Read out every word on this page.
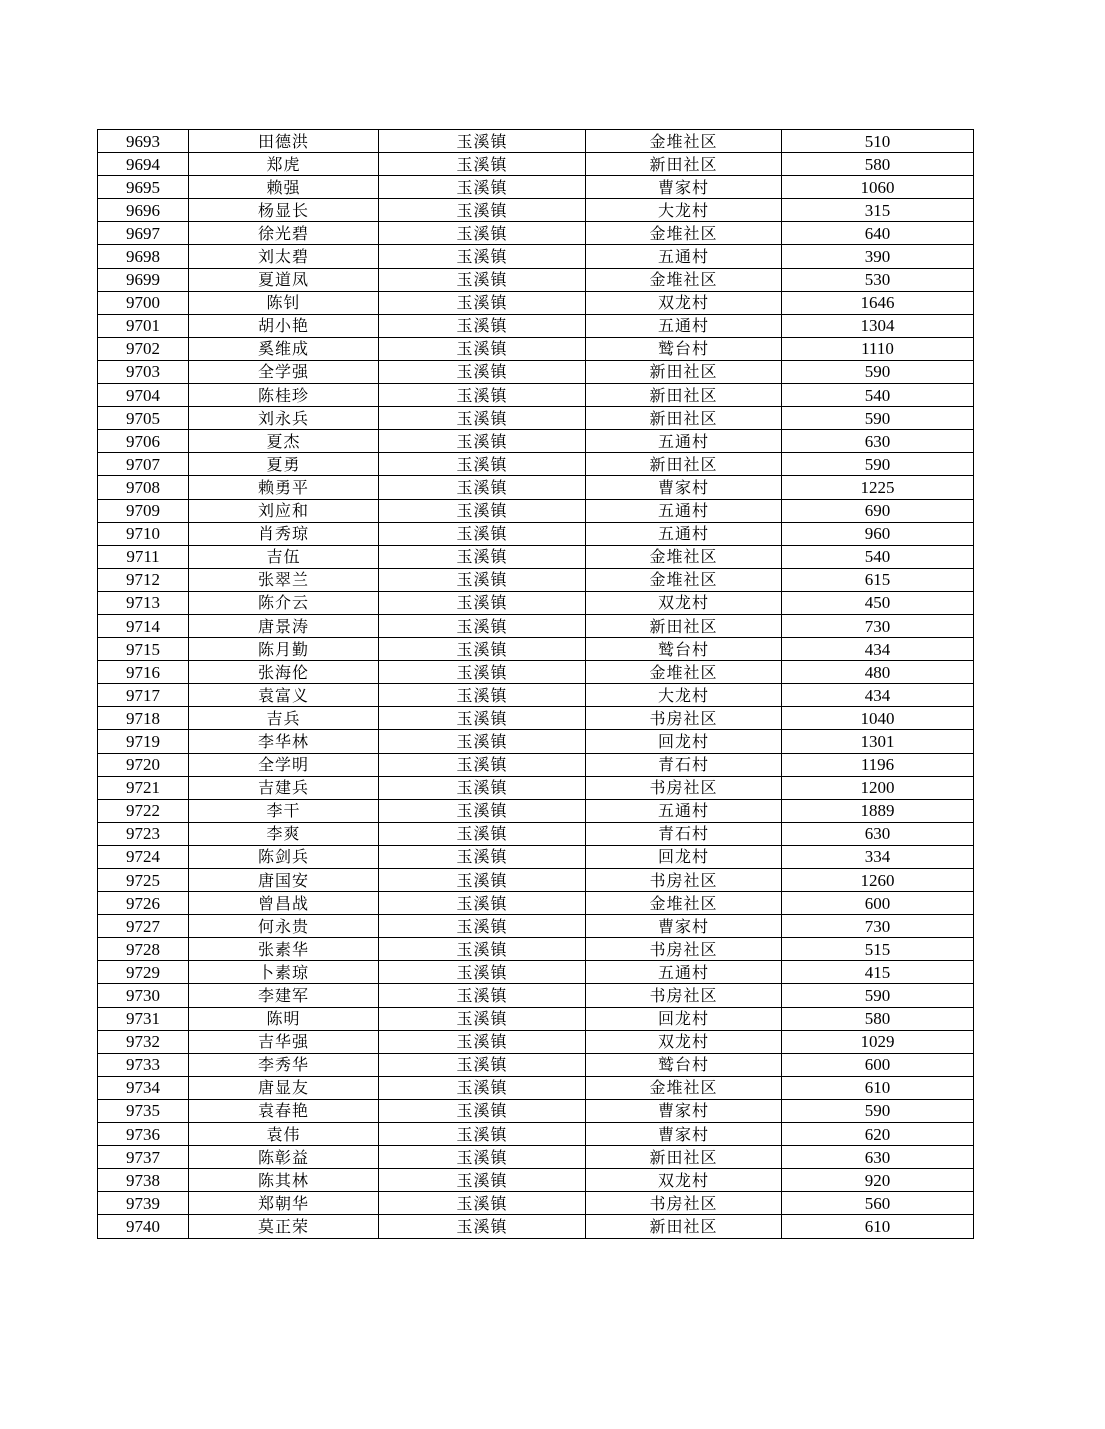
9693	田德洪	玉溪镇	金堆社区	510
9694	郑虎	玉溪镇	新田社区	580
9695	赖强	玉溪镇	曹家村	1060
9696	杨显长	玉溪镇	大龙村	315
9697	徐光碧	玉溪镇	金堆社区	640
9698	刘太碧	玉溪镇	五通村	390
9699	夏道凤	玉溪镇	金堆社区	530
9700	陈钊	玉溪镇	双龙村	1646
9701	胡小艳	玉溪镇	五通村	1304
9702	奚维成	玉溪镇	鹫台村	1110
9703	全学强	玉溪镇	新田社区	590
9704	陈桂珍	玉溪镇	新田社区	540
9705	刘永兵	玉溪镇	新田社区	590
9706	夏杰	玉溪镇	五通村	630
9707	夏勇	玉溪镇	新田社区	590
9708	赖勇平	玉溪镇	曹家村	1225
9709	刘应和	玉溪镇	五通村	690
9710	肖秀琼	玉溪镇	五通村	960
9711	吉伍	玉溪镇	金堆社区	540
9712	张翠兰	玉溪镇	金堆社区	615
9713	陈介云	玉溪镇	双龙村	450
9714	唐景涛	玉溪镇	新田社区	730
9715	陈月勤	玉溪镇	鹫台村	434
9716	张海伦	玉溪镇	金堆社区	480
9717	袁富义	玉溪镇	大龙村	434
9718	吉兵	玉溪镇	书房社区	1040
9719	李华林	玉溪镇	回龙村	1301
9720	全学明	玉溪镇	青石村	1196
9721	吉建兵	玉溪镇	书房社区	1200
9722	李干	玉溪镇	五通村	1889
9723	李爽	玉溪镇	青石村	630
9724	陈剑兵	玉溪镇	回龙村	334
9725	唐国安	玉溪镇	书房社区	1260
9726	曾昌战	玉溪镇	金堆社区	600
9727	何永贵	玉溪镇	曹家村	730
9728	张素华	玉溪镇	书房社区	515
9729	卜素琼	玉溪镇	五通村	415
9730	李建军	玉溪镇	书房社区	590
9731	陈明	玉溪镇	回龙村	580
9732	吉华强	玉溪镇	双龙村	1029
9733	李秀华	玉溪镇	鹫台村	600
9734	唐显友	玉溪镇	金堆社区	610
9735	袁春艳	玉溪镇	曹家村	590
9736	袁伟	玉溪镇	曹家村	620
9737	陈彰益	玉溪镇	新田社区	630
9738	陈其林	玉溪镇	双龙村	920
9739	郑朝华	玉溪镇	书房社区	560
9740	莫正荣	玉溪镇	新田社区	610
